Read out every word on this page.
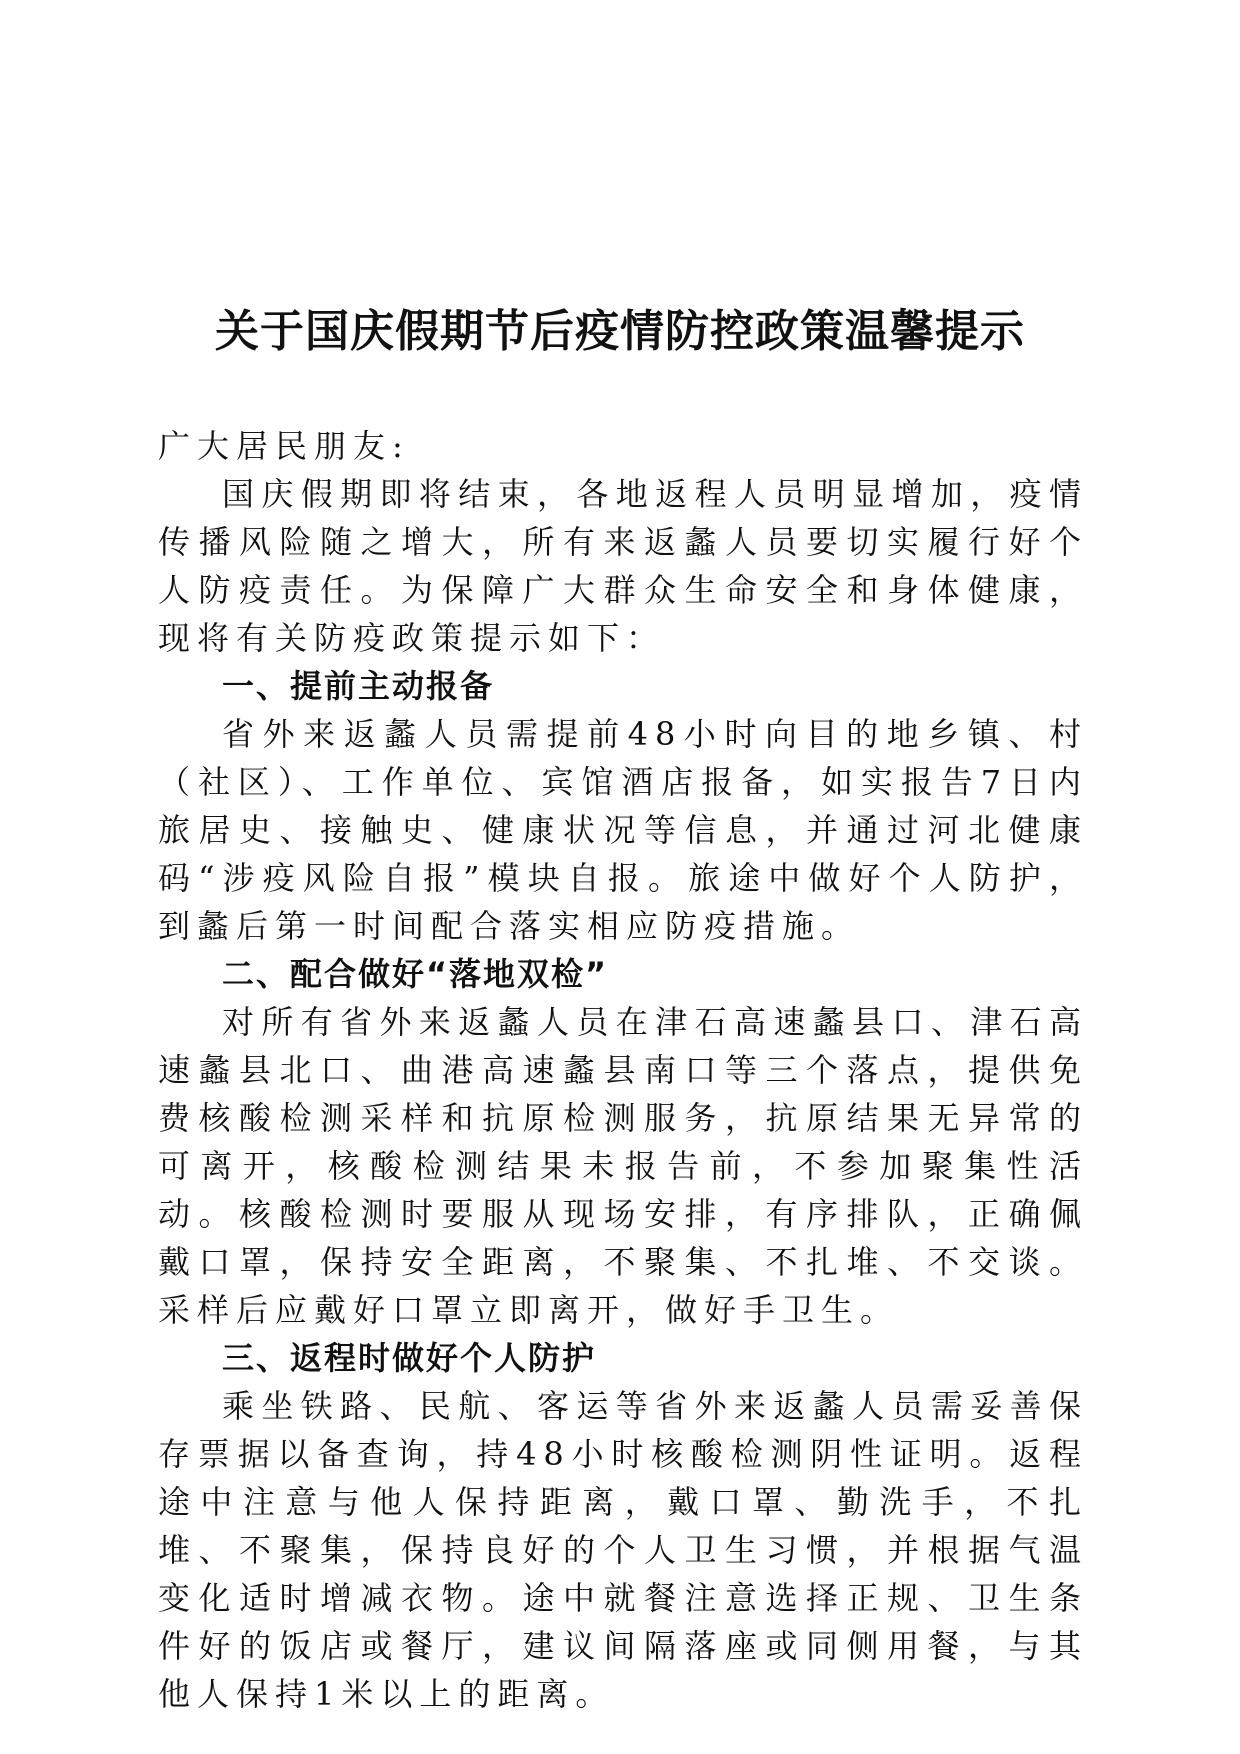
关于国庆假期节后疫情防控政策温馨提示

广大居民朋友:

国庆假期即将结束，各地返程人员明显增加，疫情传播风险随之增大，所有来返蠡人员要切实履行好个人防疫责任。为保障广大群众生命安全和身体健康，现将有关防疫政策提示如下：

一、提前主动报备

省外来返蠡人员需提前48小时向目的地乡镇、村（社区）、工作单位、宾馆酒店报备，如实报告7日内旅居史、接触史、健康状况等信息，并通过河北健康码“涉疫风险自报”模块自报。旅途中做好个人防护，到蠡后第一时间配合落实相应防疫措施。

二、配合做好“落地双检”

对所有省外来返蠡人员在津石高速蠡县口、津石高速蠡县北口、曲港高速蠡县南口等三个落点，提供免费核酸检测采样和抗原检测服务，抗原结果无异常的可离开，核酸检测结果未报告前，不参加聚集性活动。核酸检测时要服从现场安排，有序排队，正确佩戴口罩，保持安全距离，不聚集、不扎堆、不交谈。采样后应戴好口罩立即离开，做好手卫生。

三、返程时做好个人防护

乘坐铁路、民航、客运等省外来返蠡人员需妥善保存票据以备查询，持48小时核酸检测阴性证明。返程途中注意与他人保持距离，戴口罩、勤洗手，不扎堆、不聚集，保持良好的个人卫生习惯，并根据气温变化适时增减衣物。途中就餐注意选择正规、卫生条件好的饭店或餐厅，建议间隔落座或同侧用餐，与其他人保持1米以上的距离。
